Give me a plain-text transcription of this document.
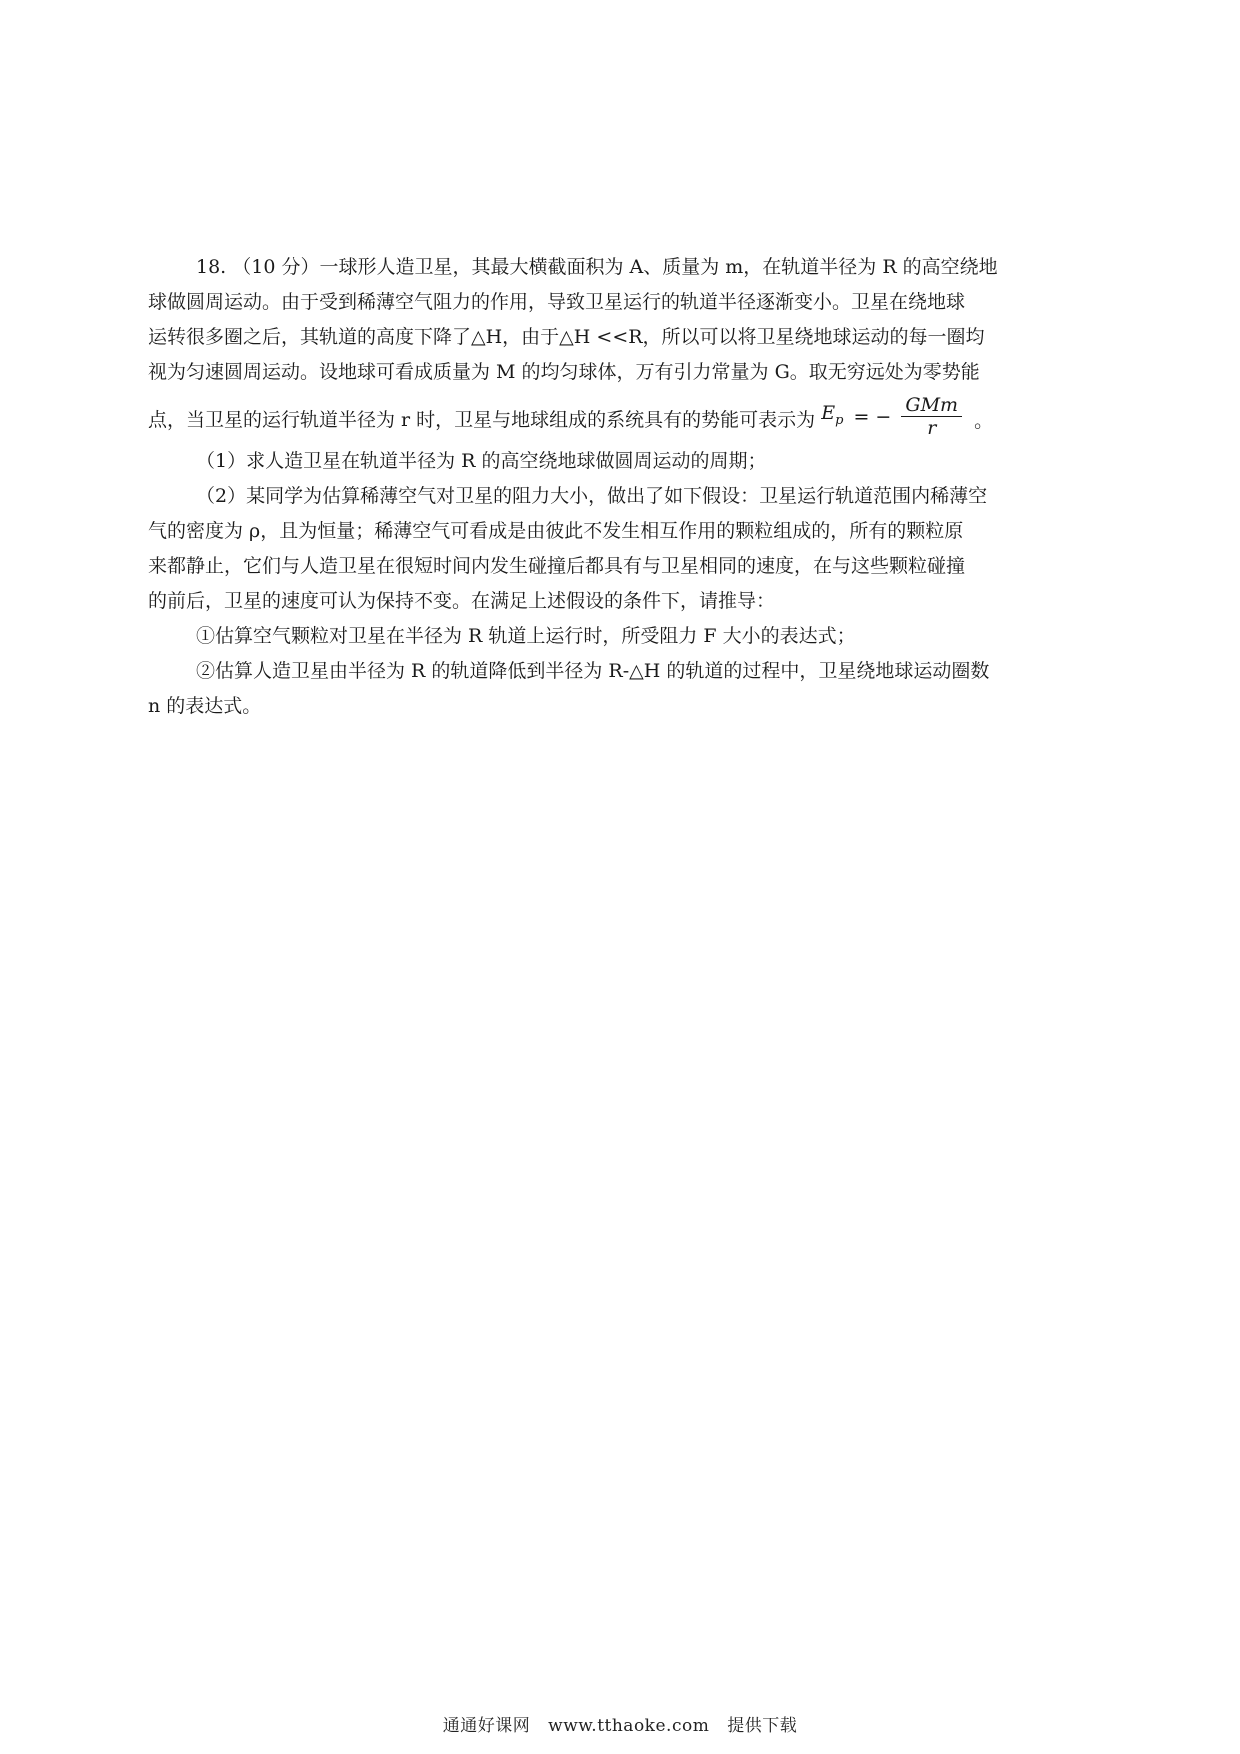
18. （10 分）一球形人造卫星，其最大横截面积为 A、质量为 m，在轨道半径为 R 的高空绕地
球做圆周运动。由于受到稀薄空气阻力的作用，导致卫星运行的轨道半径逐渐变小。卫星在绕地球
运转很多圈之后，其轨道的高度下降了△H，由于△H <<R，所以可以将卫星绕地球运动的每一圈均
视为匀速圆周运动。设地球可看成质量为 M 的均匀球体，万有引力常量为 G。取无穷远处为零势能
点，当卫星的运行轨道半径为 r 时，卫星与地球组成的系统具有的势能可表示为 $E_p$ = − $\frac{\text{GMm}}{r}$ 。
（1）求人造卫星在轨道半径为 R 的高空绕地球做圆周运动的周期；
（2）某同学为估算稀薄空气对卫星的阻力大小，做出了如下假设：卫星运行轨道范围内稀薄空
气的密度为 ρ，且为恒量；稀薄空气可看成是由彼此不发生相互作用的颗粒组成的，所有的颗粒原
来都静止，它们与人造卫星在很短时间内发生碰撞后都具有与卫星相同的速度，在与这些颗粒碰撞
的前后，卫星的速度可认为保持不变。在满足上述假设的条件下，请推导：
①估算空气颗粒对卫星在半径为 R 轨道上运行时，所受阻力 F 大小的表达式；
②估算人造卫星由半径为 R 的轨道降低到半径为 R-△H 的轨道的过程中，卫星绕地球运动圈数
n 的表达式。
通通好课网 www.tthaoke.com 提供下载
